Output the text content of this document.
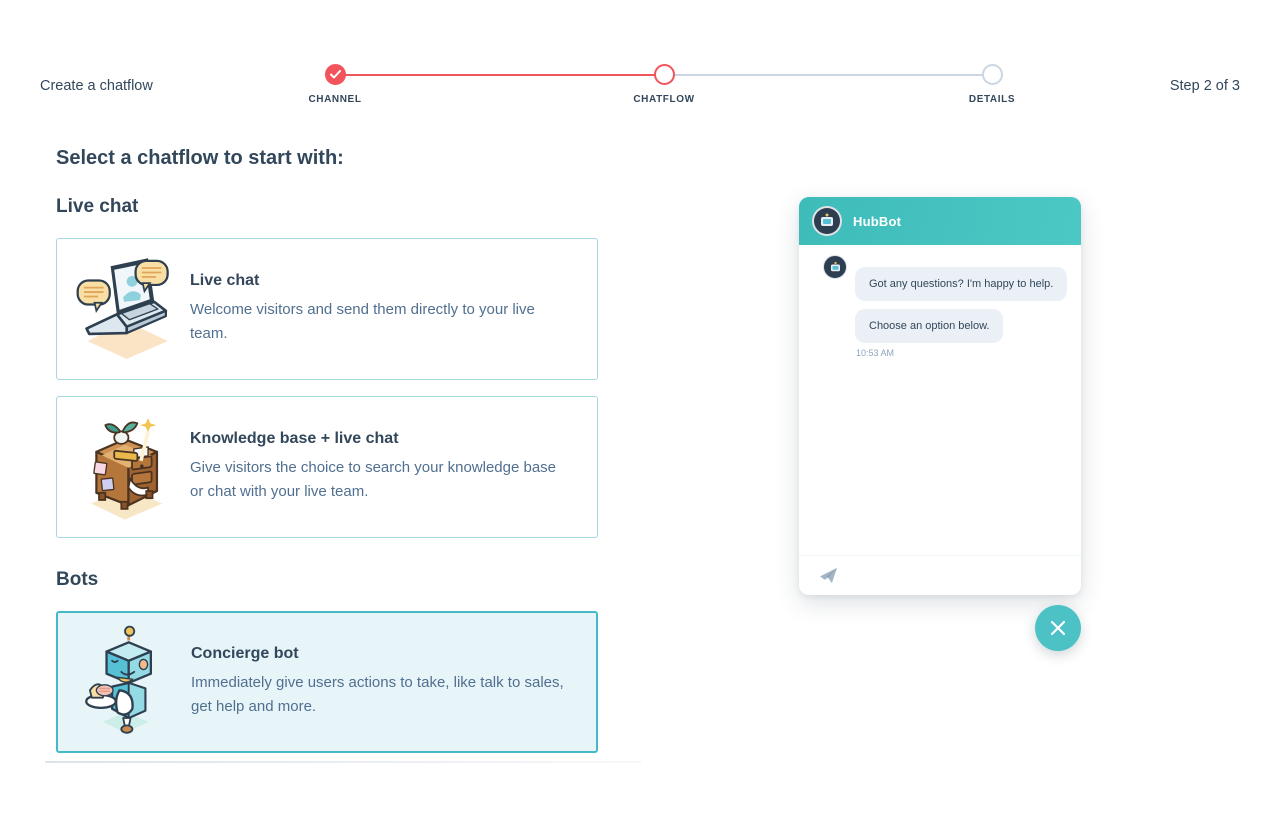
Create a chatflow	Step 2 of 3
CHANNEL	CHATFLOW	DETAILS
Select a chatflow to start with:
Live chat
Bots
Live chat
Welcome visitors and send them directly to your live team.
Knowledge base + live chat
Give visitors the choice to search your knowledge base or chat with your live team.
Concierge bot
Immediately give users actions to take, like talk to sales, get help and more.
HubBot
Got any questions? I'm happy to help.
Choose an option below.
10:53 AM
